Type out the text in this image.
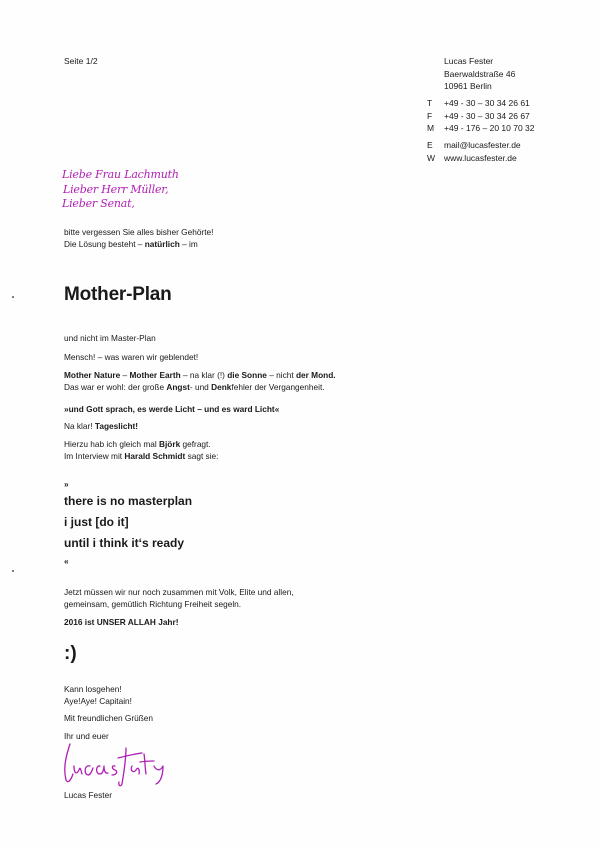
Seite 1/2	Lucas Fester
Baerwaldstraße 46
10961 Berlin
T	+49 - 30 – 30 34 26 61
F	+49 - 30 – 30 34 26 67
M	+49 - 176 – 20 10 70 32
E	mail@lucasfester.de
W	www.lucasfester.de
Liebe Frau Lachmuth
Lieber Herr Müller,
Lieber Senat,
bitte vergessen Sie alles bisher Gehörte!
Die Lösung besteht – natürlich – im
Mother-Plan
und nicht im Master-Plan
Mensch! – was waren wir geblendet!
Mother Nature – Mother Earth – na klar (!) die Sonne – nicht der Mond.
Das war er wohl: der große Angst- und Denkfehler der Vergangenheit.
»und Gott sprach, es werde Licht – und es ward Licht«
Na klar! Tageslicht!
Hierzu hab ich gleich mal Björk gefragt.
Im Interview mit Harald Schmidt sagt sie:
»
there is no masterplan
i just [do it]
until i think it‘s ready
«
Jetzt müssen wir nur noch zusammen mit Volk, Elite und allen,
gemeinsam, gemütlich Richtung Freiheit segeln.
2016 ist UNSER ALLAH Jahr!
:)
Kann losgehen!
Aye!Aye! Capitain!
Mit freundlichen Grüßen
Ihr und euer
Lucas Fester
